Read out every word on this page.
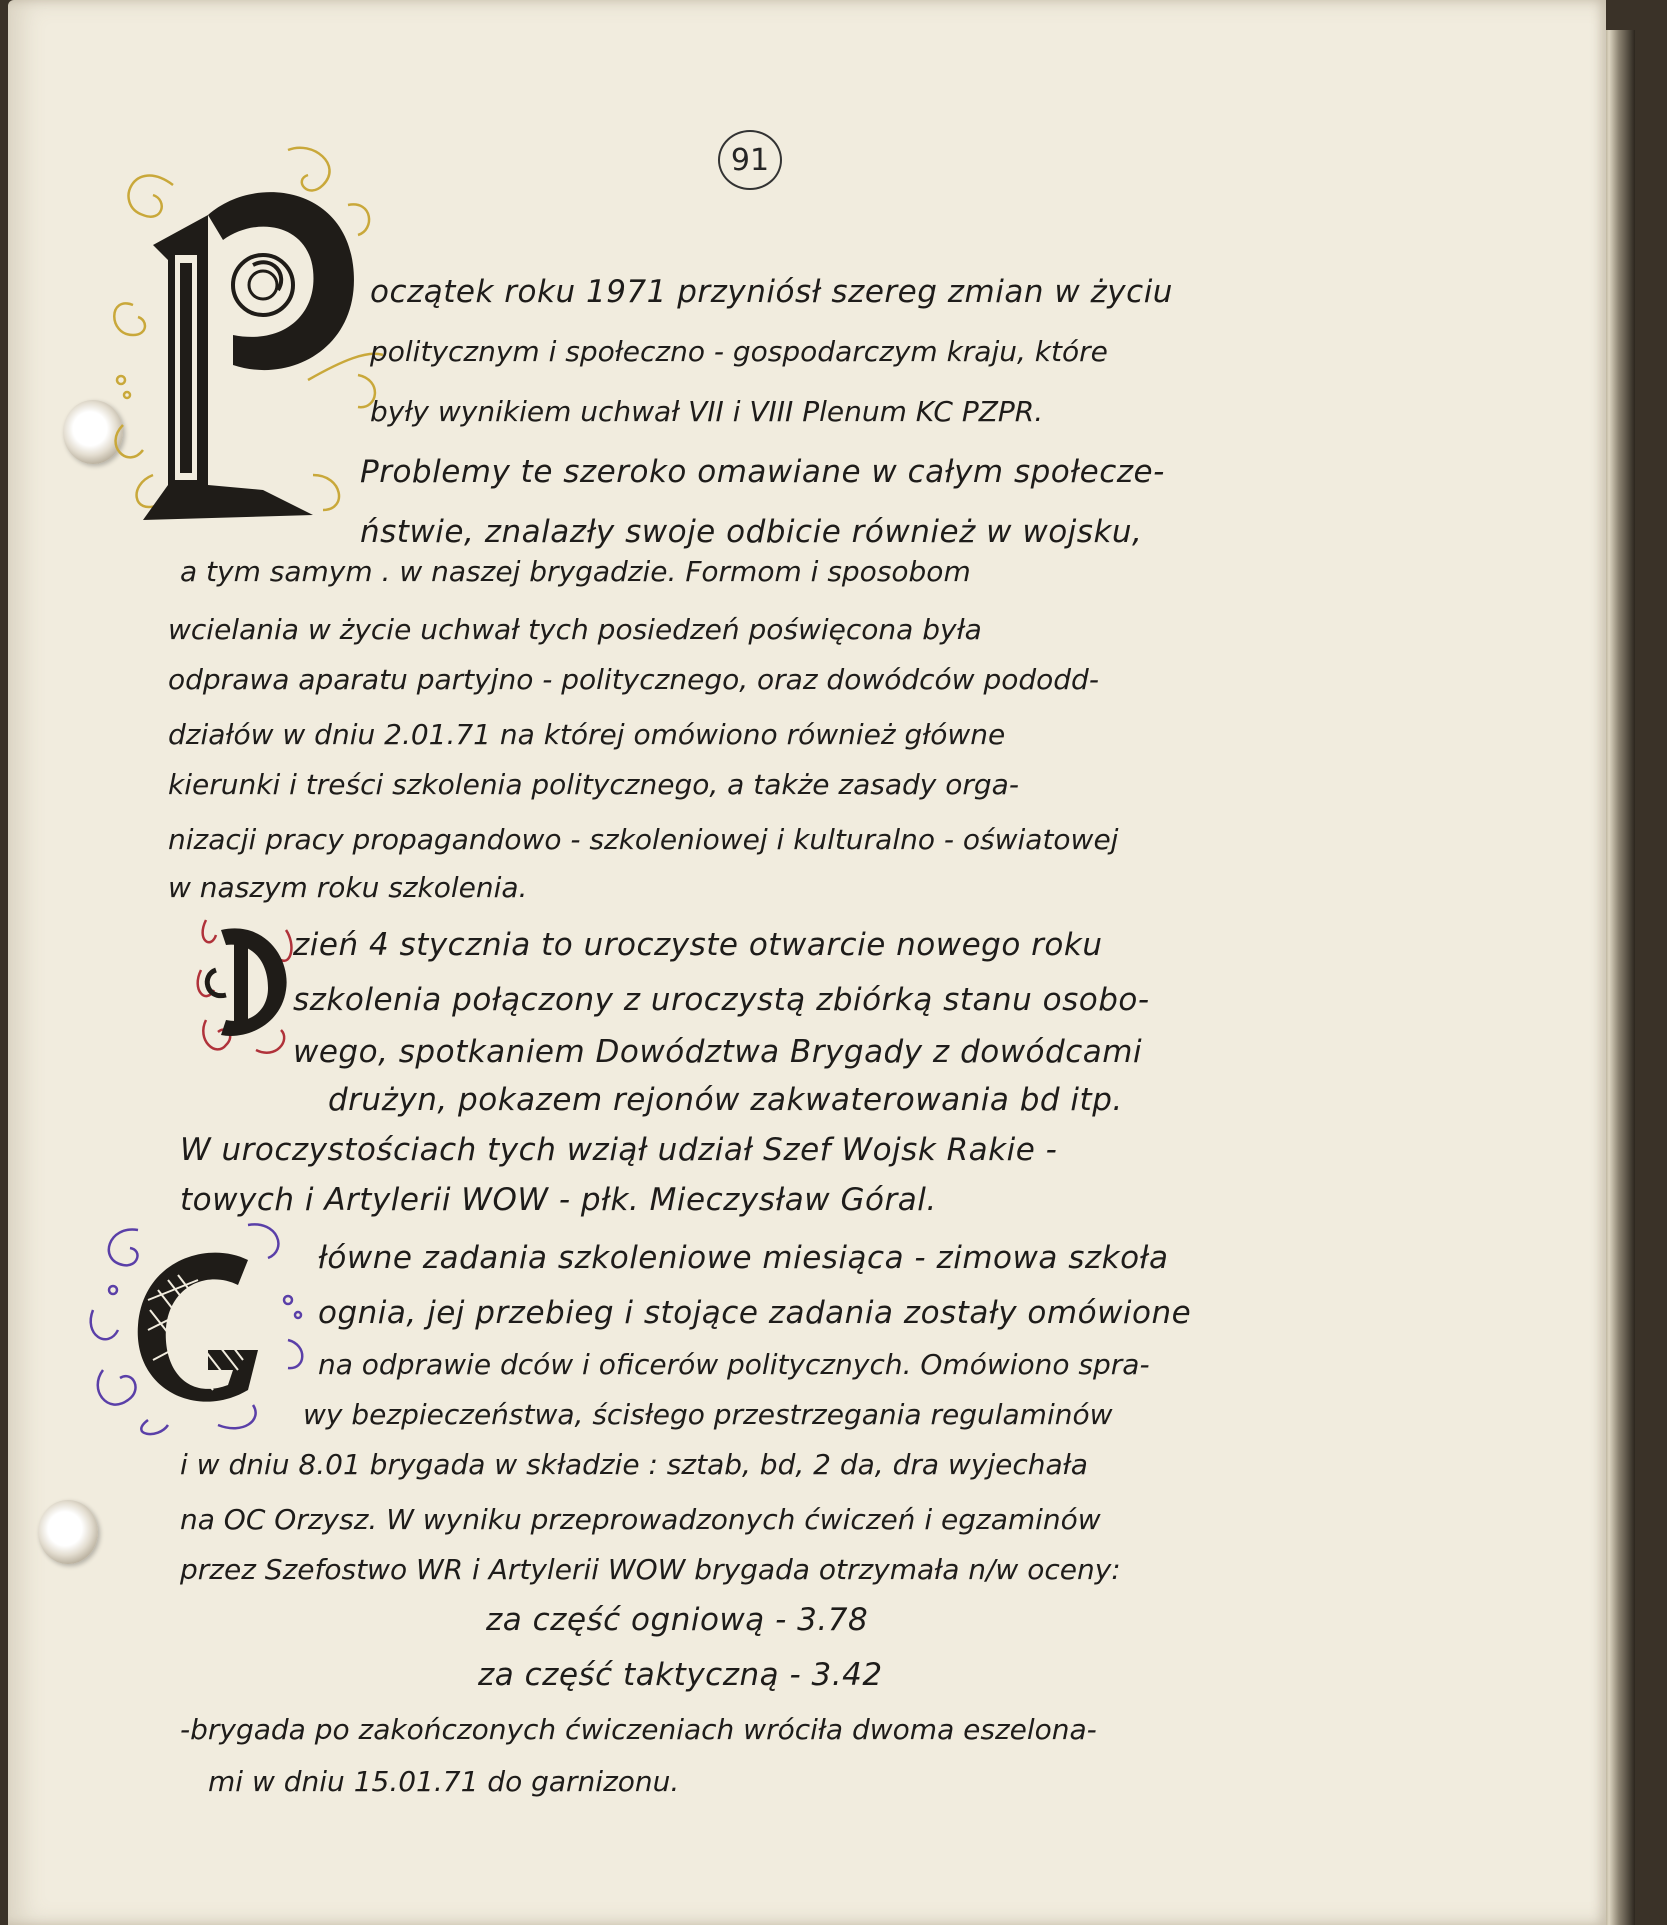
91
oczątek roku 1971 przyniósł szereg zmian w życiu
politycznym i społeczno - gospodarczym kraju, które
były wynikiem uchwał VII i VIII Plenum KC PZPR.
Problemy te szeroko omawiane w całym społecze-
ństwie, znalazły swoje odbicie również w wojsku,
a tym samym . w naszej brygadzie. Formom i sposobom
wcielania w życie uchwał tych posiedzeń poświęcona była
odprawa aparatu partyjno - politycznego, oraz dowódców pododd-
działów w dniu 2.01.71 na której omówiono również główne
kierunki i treści szkolenia politycznego, a także zasady orga-
nizacji pracy propagandowo - szkoleniowej i kulturalno - oświatowej
w naszym roku szkolenia.
zień 4 stycznia to uroczyste otwarcie nowego roku
szkolenia połączony z uroczystą zbiórką stanu osobo-
wego, spotkaniem Dowództwa Brygady z dowódcami
drużyn, pokazem rejonów zakwaterowania bd itp.
W uroczystościach tych wziął udział Szef Wojsk Rakie -
towych i Artylerii WOW - płk. Mieczysław Góral.
łówne zadania szkoleniowe miesiąca - zimowa szkoła
ognia, jej przebieg i stojące zadania zostały omówione
na odprawie dców i oficerów politycznych. Omówiono spra-
wy bezpieczeństwa, ścisłego przestrzegania regulaminów
i w dniu 8.01 brygada w składzie : sztab, bd, 2 da, dra wyjechała
na OC Orzysz. W wyniku przeprowadzonych ćwiczeń i egzaminów
przez Szefostwo WR i Artylerii WOW brygada otrzymała n/w oceny:
za część ogniową - 3.78
za część taktyczną - 3.42
-brygada po zakończonych ćwiczeniach wróciła dwoma eszelona-
mi w dniu 15.01.71 do garnizonu.
